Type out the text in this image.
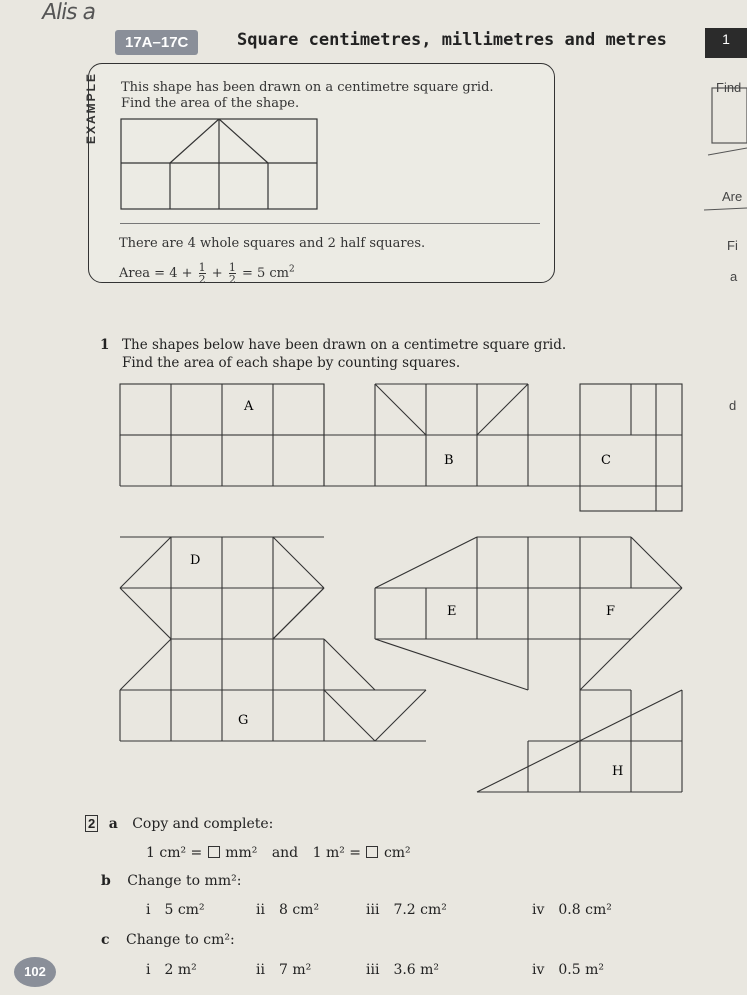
Alis a
17A–17C	Square centimetres, millimetres and metres	1
Find
Are
Fi
a
d
EXAMPLE	This shape has been drawn on a centimetre square grid.
Find the area of the shape.
There are 4 whole squares and 2 half squares.
Area = $4 + \frac{1}{2} + \frac{1}{2} = 5$ $cm^2$
1 The shapes below have been drawn on a centimetre square grid.
Find the area of each shape by counting squares.
A
B	C
D
E	F
G
H
2 a Copy and complete:
1 cm² = mm² and 1 m² = cm²
b Change to mm²:
i 5 cm²	ii 8 cm²	iii 7.2 cm²	iv 0.8 cm²
c Change to cm²:
i 2 m²	ii 7 m²	iii 3.6 m²	iv 0.5 m²
102
